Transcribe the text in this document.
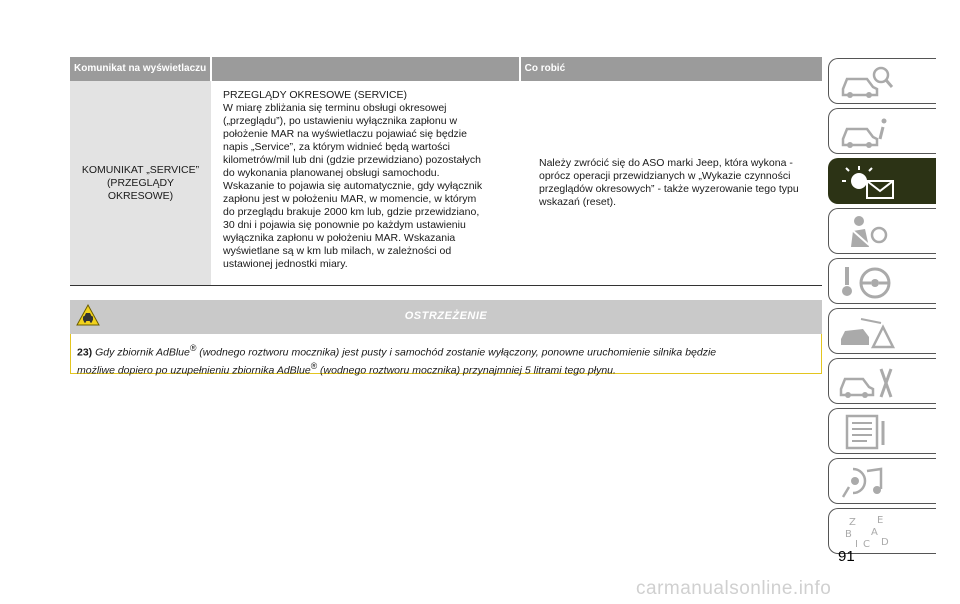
Komunikat na wyświetlaczu	Co robić
KOMUNIKAT „SERVICE”
(PRZEGLĄDY OKRESOWE)
PRZEGLĄDY OKRESOWE (SERVICE)
W miarę zbliżania się terminu obsługi okresowej
(„przeglądu”), po ustawieniu wyłącznika zapłonu w
położenie MAR na wyświetlaczu pojawiać się będzie
napis „Service”, za którym widnieć będą wartości
kilometrów/mil lub dni (gdzie przewidziano) pozostałych
do wykonania planowanej obsługi samochodu.
Wskazanie to pojawia się automatycznie, gdy wyłącznik
zapłonu jest w położeniu MAR, w momencie, w którym
do przeglądu brakuje 2000 km lub, gdzie przewidziano,
30 dni i pojawia się ponownie po każdym ustawieniu
wyłącznika zapłonu w położeniu MAR. Wskazania
wyświetlane są w km lub milach, w zależności od
ustawionej jednostki miary.
Należy zwrócić się do ASO marki Jeep, która wykona -
oprócz operacji przewidzianych w „Wykazie czynności
przeglądów okresowych” - także wyzerowanie tego typu
wskazań (reset).
OSTRZEŻENIE
23) Gdy zbiornik AdBlue® (wodnego roztworu mocznika) jest pusty i samochód zostanie wyłączony, ponowne uruchomienie silnika będzie
możliwe dopiero po uzupełnieniu zbiornika AdBlue® (wodnego roztworu mocznika) przynajmniej 5 litrami tego płynu.
Z E
B A
I C D
91
carmanualsonline.info
